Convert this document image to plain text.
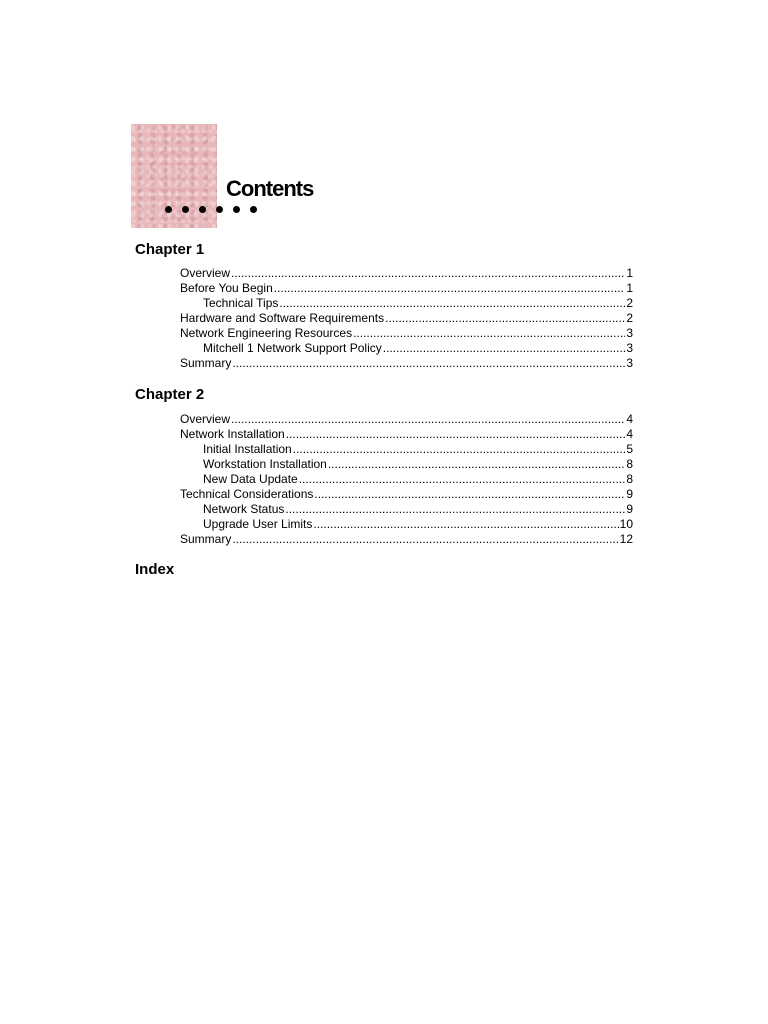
Contents
Chapter 1
Overview .....	1
Before You Begin .....	1
Technical Tips .....	2
Hardware and Software Requirements .....	2
Network Engineering Resources .....	3
Mitchell 1 Network Support Policy .....	3
Summary .....	3
Chapter 2
Overview .....	4
Network Installation .....	4
Initial Installation .....	5
Workstation Installation .....	8
New Data Update .....	8
Technical Considerations .....	9
Network Status .....	9
Upgrade User Limits .....	10
Summary .....	12
Index
